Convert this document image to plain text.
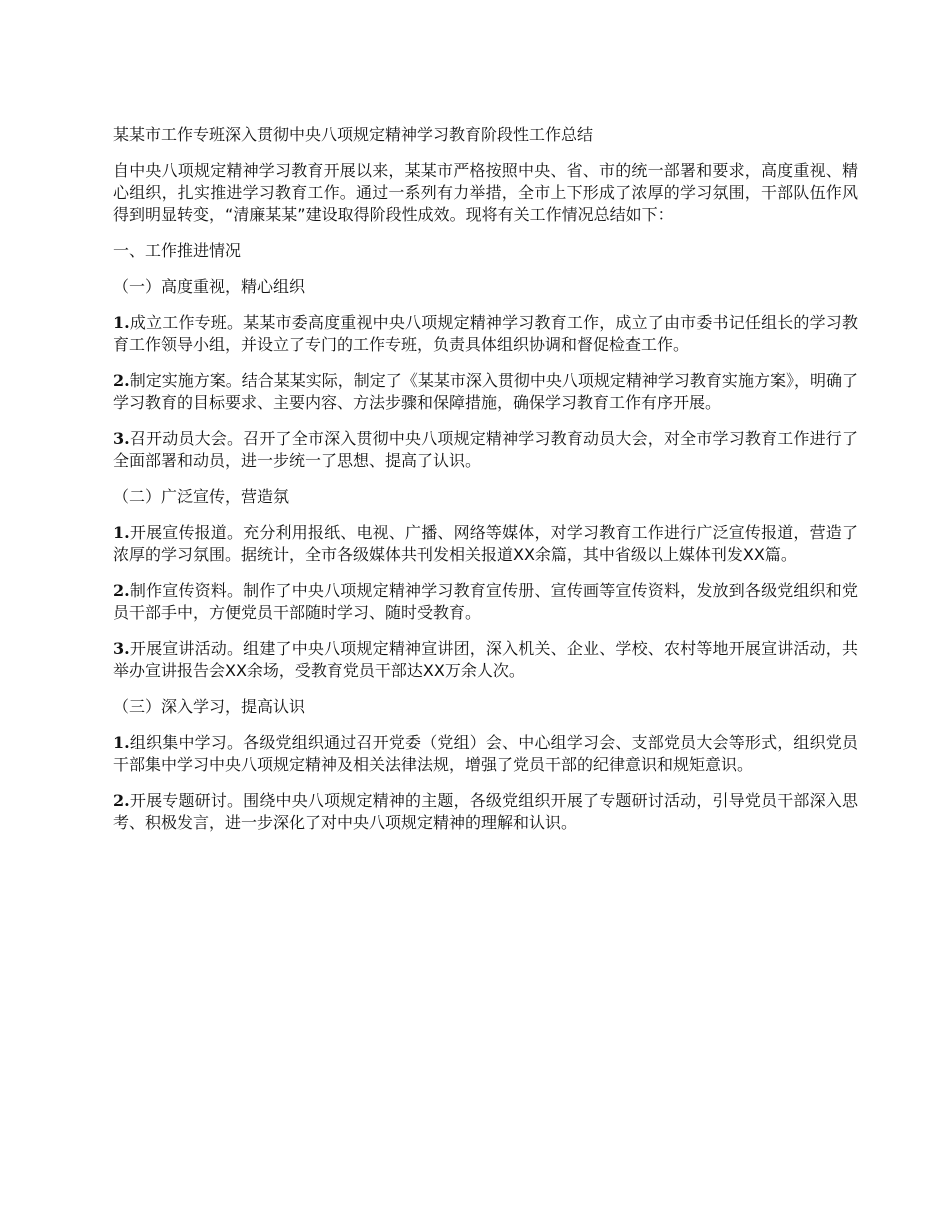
某某市工作专班深入贯彻中央八项规定精神学习教育阶段性工作总结

自中央八项规定精神学习教育开展以来，某某市严格按照中央、省、市的统一部署和要求，高度重视、精心组织，扎实推进学习教育工作。通过一系列有力举措，全市上下形成了浓厚的学习氛围，干部队伍作风得到明显转变，“清廉某某”建设取得阶段性成效。现将有关工作情况总结如下：

一、工作推进情况
（一）高度重视，精心组织

1.成立工作专班。某某市委高度重视中央八项规定精神学习教育工作，成立了由市委书记任组长的学习教育工作领导小组，并设立了专门的工作专班，负责具体组织协调和督促检查工作。

2.制定实施方案。结合某某实际，制定了《某某市深入贯彻中央八项规定精神学习教育实施方案》，明确了学习教育的目标要求、主要内容、方法步骤和保障措施，确保学习教育工作有序开展。

3.召开动员大会。召开了全市深入贯彻中央八项规定精神学习教育动员大会，对全市学习教育工作进行了全面部署和动员，进一步统一了思想、提高了认识。

（二）广泛宣传，营造氛

1.开展宣传报道。充分利用报纸、电视、广播、网络等媒体，对学习教育工作进行广泛宣传报道，营造了浓厚的学习氛围。据统计，全市各级媒体共刊发相关报道XX余篇，其中省级以上媒体刊发XX篇。

2.制作宣传资料。制作了中央八项规定精神学习教育宣传册、宣传画等宣传资料，发放到各级党组织和党员干部手中，方便党员干部随时学习、随时受教育。

3.开展宣讲活动。组建了中央八项规定精神宣讲团，深入机关、企业、学校、农村等地开展宣讲活动，共举办宣讲报告会XX余场，受教育党员干部达XX万余人次。

（三）深入学习，提高认识

1.组织集中学习。各级党组织通过召开党委（党组）会、中心组学习会、支部党员大会等形式，组织党员干部集中学习中央八项规定精神及相关法律法规，增强了党员干部的纪律意识和规矩意识。

2.开展专题研讨。围绕中央八项规定精神的主题，各级党组织开展了专题研讨活动，引导党员干部深入思考、积极发言，进一步深化了对中央八项规定精神的理解和认识。
